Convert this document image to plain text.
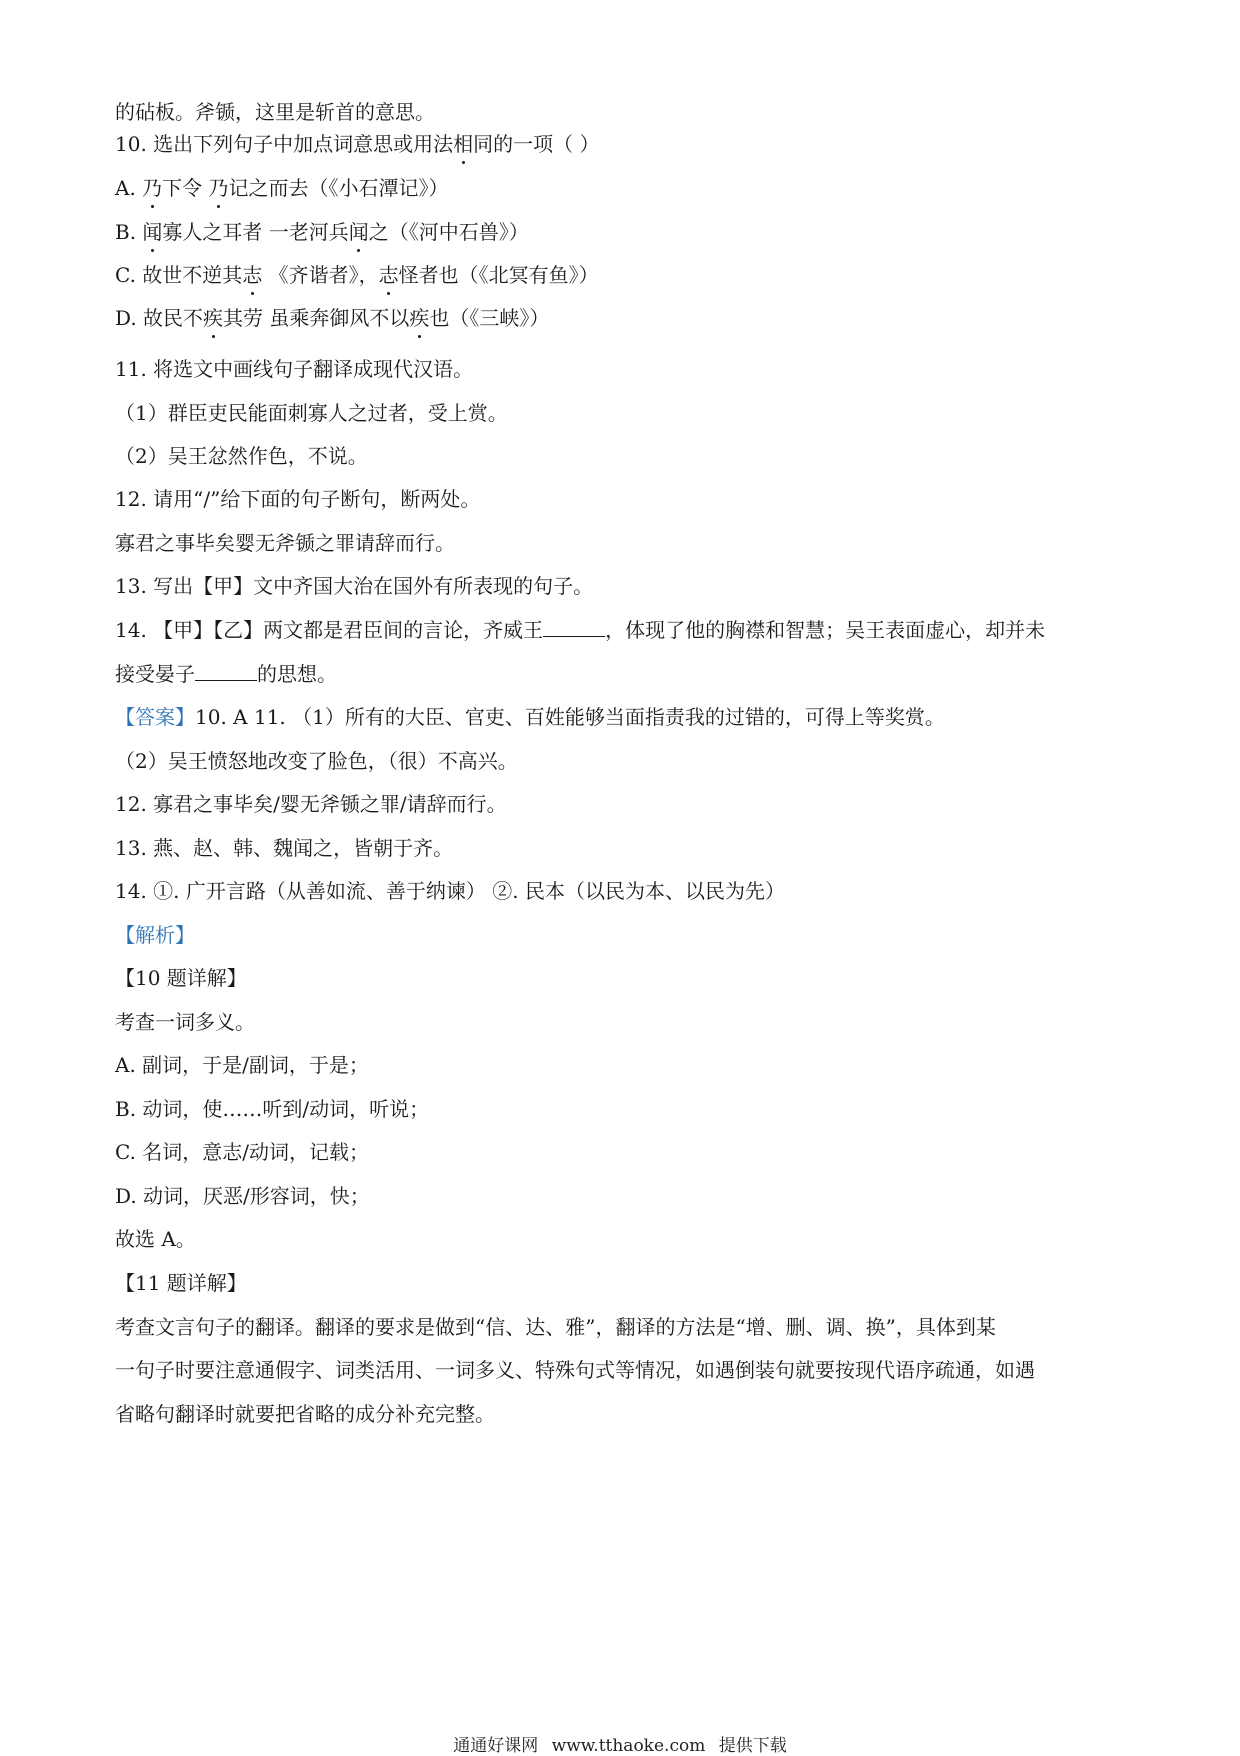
的砧板。斧锧，这里是斩首的意思。
10. 选出下列句子中加点词意思或用法相同的一项（ ）
A. 乃下令 乃记之而去（《小石潭记》）
B. 闻寡人之耳者 一老河兵闻之（《河中石兽》）
C. 故世不逆其志 《齐谐者》，志怪者也（《北冥有鱼》）
D. 故民不疾其劳 虽乘奔御风不以疾也（《三峡》）
11. 将选文中画线句子翻译成现代汉语。
（1）群臣吏民能面刺寡人之过者，受上赏。
（2）吴王忿然作色，不说。
12. 请用“/”给下面的句子断句，断两处。
寡君之事毕矣婴无斧锧之罪请辞而行。
13. 写出【甲】文中齐国大治在国外有所表现的句子。
14. 【甲】【乙】两文都是君臣间的言论，齐威王	，体现了他的胸襟和智慧；吴王表面虚心，却并未
接受晏子	的思想。
【答案】10. A 11. （1）所有的大臣、官吏、百姓能够当面指责我的过错的，可得上等奖赏。
（2）吴王愤怒地改变了脸色，（很）不高兴。
12. 寡君之事毕矣/婴无斧锧之罪/请辞而行。
13. 燕、赵、韩、魏闻之，皆朝于齐。
14. ①. 广开言路（从善如流、善于纳谏） ②. 民本（以民为本、以民为先）
【解析】
【10 题详解】
考查一词多义。
A. 副词，于是/副词，于是；
B. 动词，使……听到/动词，听说；
C. 名词，意志/动词，记载；
D. 动词，厌恶/形容词，快；
故选 A。
【11 题详解】
考查文言句子的翻译。翻译的要求是做到“信、达、雅”，翻译的方法是“增、删、调、换”，具体到某
一句子时要注意通假字、词类活用、一词多义、特殊句式等情况，如遇倒装句就要按现代语序疏通，如遇
省略句翻译时就要把省略的成分补充完整。
通通好课网 www.tthaoke.com 提供下载
